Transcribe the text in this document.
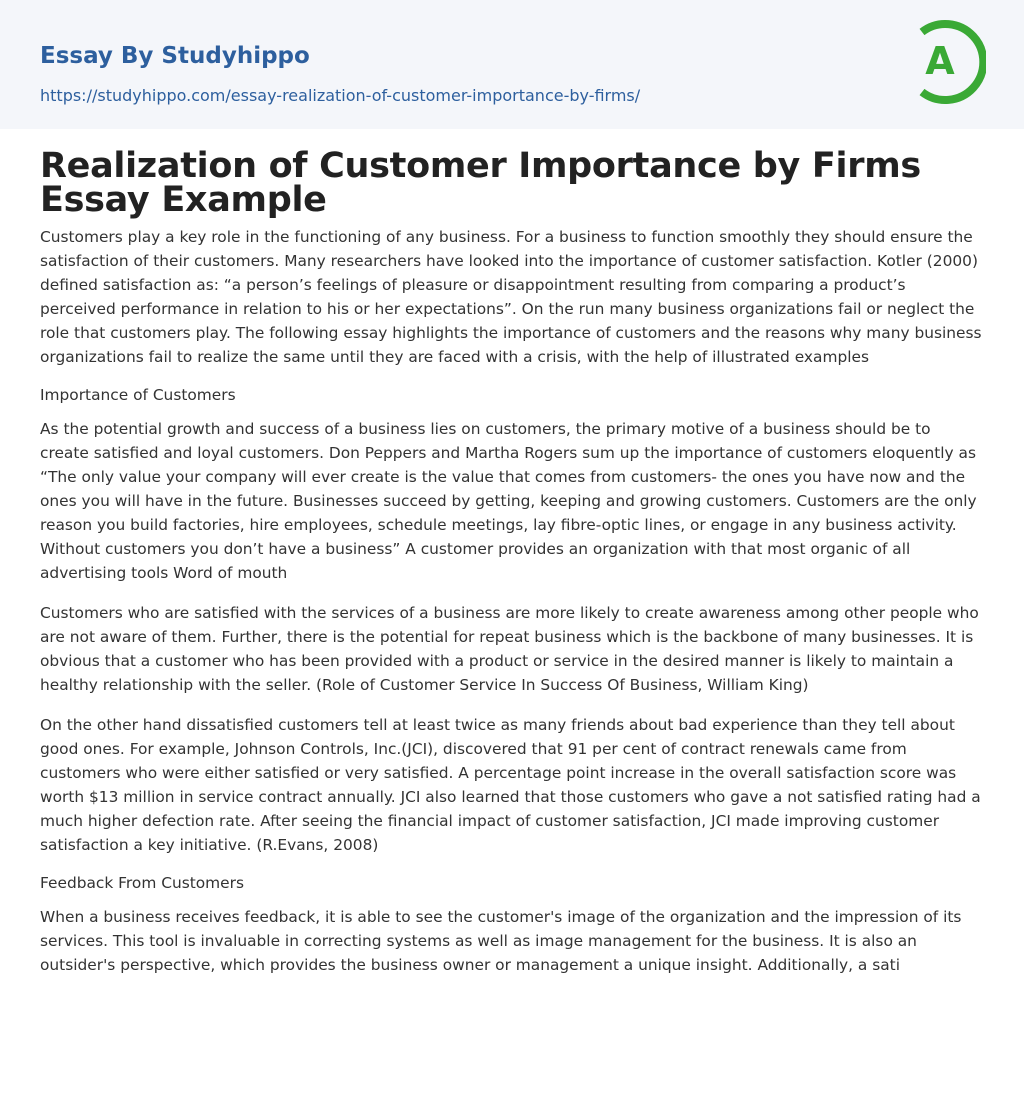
Essay By Studyhippo
https://studyhippo.com/essay-realization-of-customer-importance-by-firms/
A
Realization of Customer Importance by Firms Essay Example

Customers play a key role in the functioning of any business. For a business to function smoothly they should ensure the satisfaction of their customers. Many researchers have looked into the importance of customer satisfaction. Kotler (2000) defined satisfaction as: “a person’s feelings of pleasure or disappointment resulting from comparing a product’s perceived performance in relation to his or her expectations”. On the run many business organizations fail or neglect the role that customers play. The following essay highlights the importance of customers and the reasons why many business organizations fail to realize the same until they are faced with a crisis, with the help of illustrated examples

Importance of Customers

As the potential growth and success of a business lies on customers, the primary motive of a business should be to create satisfied and loyal customers. Don Peppers and Martha Rogers sum up the importance of customers eloquently as “The only value your company will ever create is the value that comes from customers- the ones you have now and the ones you will have in the future. Businesses succeed by getting, keeping and growing customers. Customers are the only reason you build factories, hire employees, schedule meetings, lay fibre-optic lines, or engage in any business activity. Without customers you don’t have a business” A customer provides an organization with that most organic of all advertising tools Word of mouth

Customers who are satisfied with the services of a business are more likely to create awareness among other people who are not aware of them. Further, there is the potential for repeat business which is the backbone of many businesses. It is obvious that a customer who has been provided with a product or service in the desired manner is likely to maintain a healthy relationship with the seller. (Role of Customer Service In Success Of Business, William King)

On the other hand dissatisfied customers tell at least twice as many friends about bad experience than they tell about good ones. For example, Johnson Controls, Inc.(JCI), discovered that 91 per cent of contract renewals came from customers who were either satisfied or very satisfied. A percentage point increase in the overall satisfaction score was worth $13 million in service contract annually. JCI also learned that those customers who gave a not satisfied rating had a much higher defection rate. After seeing the financial impact of customer satisfaction, JCI made improving customer satisfaction a key initiative. (R.Evans, 2008)

Feedback From Customers

When a business receives feedback, it is able to see the customer's image of the organization and the impression of its services. This tool is invaluable in correcting systems as well as image management for the business. It is also an outsider's perspective, which provides the business owner or management a unique insight. Additionally, a sati
